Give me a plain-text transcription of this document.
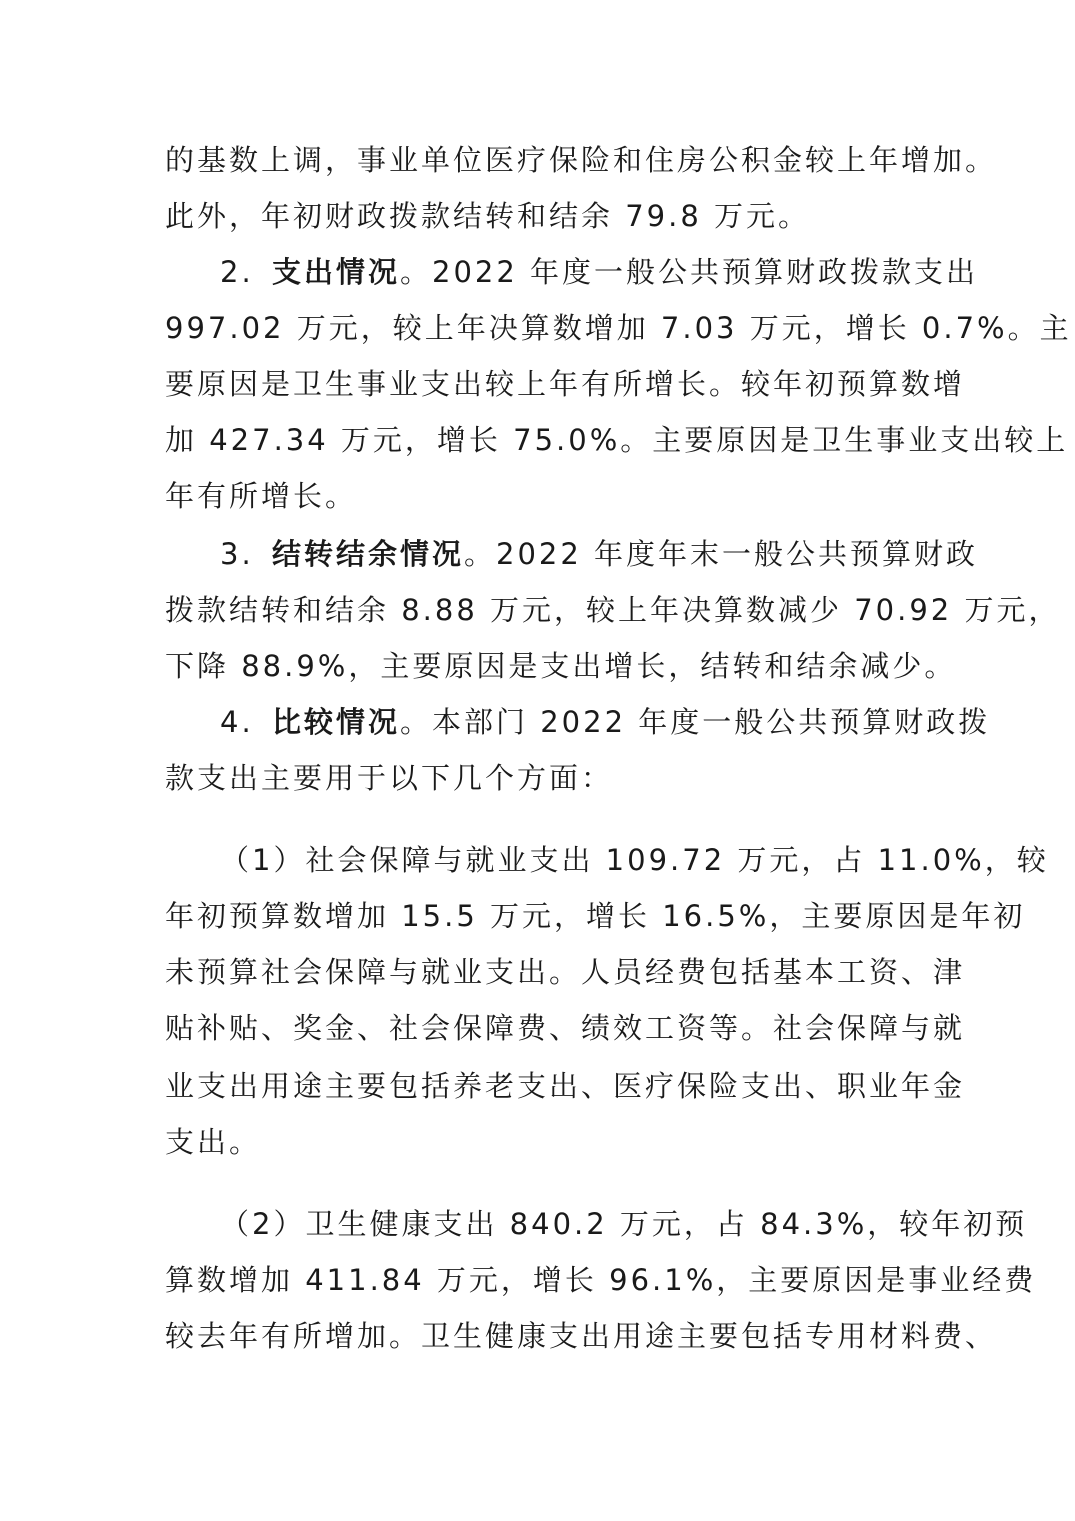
的基数上调，事业单位医疗保险和住房公积金较上年增加。
此外，年初财政拨款结转和结余 79.8 万元。
2. 支出情况。2022 年度一般公共预算财政拨款支出
997.02 万元，较上年决算数增加 7.03 万元，增长 0.7%。主
要原因是卫生事业支出较上年有所增长。较年初预算数增
加 427.34 万元，增长 75.0%。主要原因是卫生事业支出较上
年有所增长。
3. 结转结余情况。2022 年度年末一般公共预算财政
拨款结转和结余 8.88 万元，较上年决算数减少 70.92 万元，
下降 88.9%，主要原因是支出增长，结转和结余减少。
4. 比较情况。本部门 2022 年度一般公共预算财政拨
款支出主要用于以下几个方面：
（1）社会保障与就业支出 109.72 万元，占 11.0%，较
年初预算数增加 15.5 万元，增长 16.5%，主要原因是年初
未预算社会保障与就业支出。人员经费包括基本工资、津
贴补贴、奖金、社会保障费、绩效工资等。社会保障与就
业支出用途主要包括养老支出、医疗保险支出、职业年金
支出。
（2）卫生健康支出 840.2 万元，占 84.3%，较年初预
算数增加 411.84 万元，增长 96.1%，主要原因是事业经费
较去年有所增加。卫生健康支出用途主要包括专用材料费、
